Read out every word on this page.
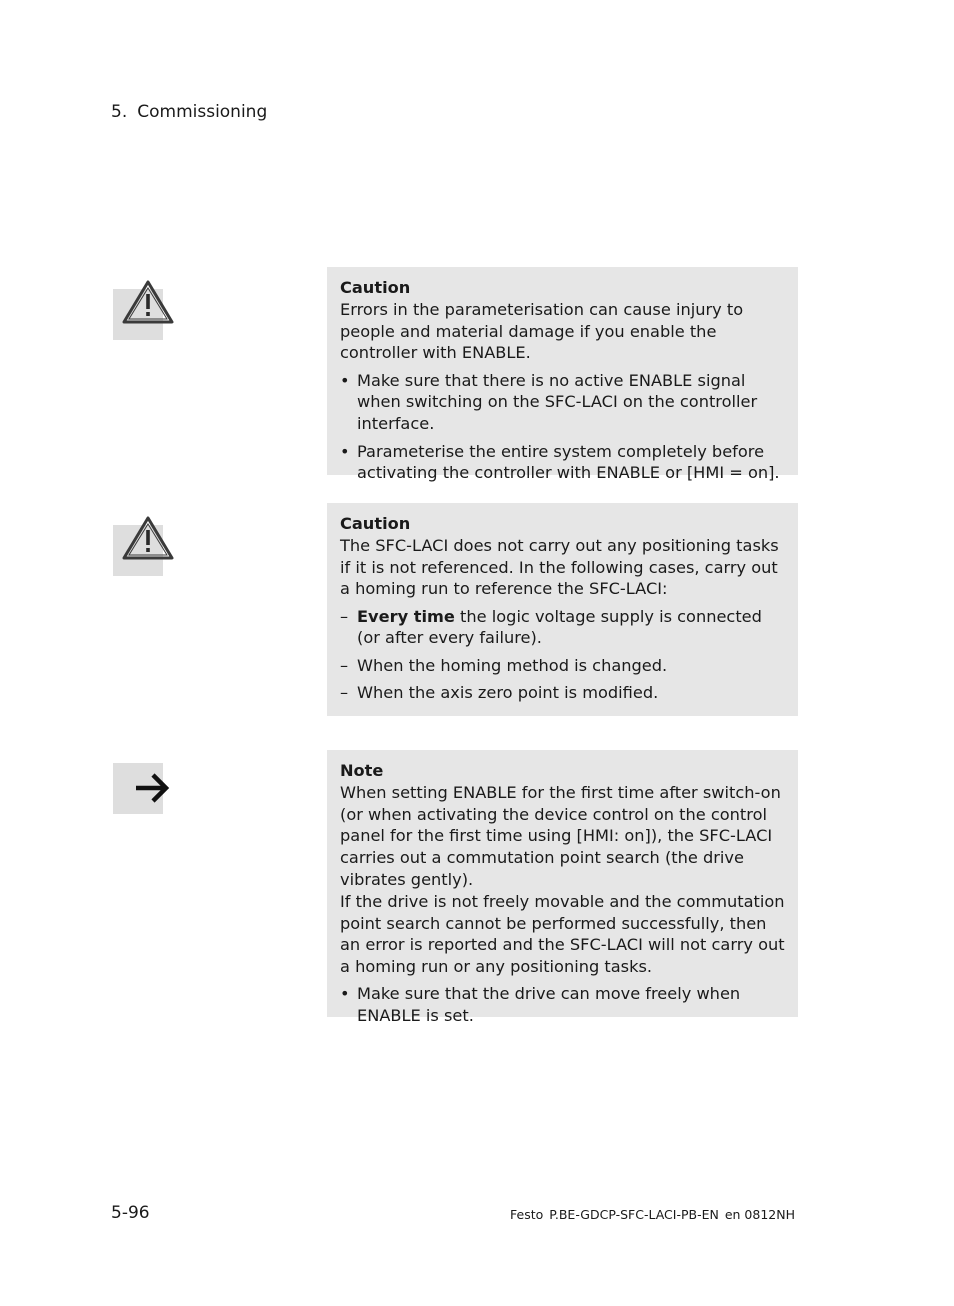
5. Commissioning
Caution

Errors in the parameterisation can cause injury to people and material damage if you enable the controller with ENABLE.

• Make sure that there is no active ENABLE signal when switching on the SFC-LACI on the controller interface.
• Parameterise the entire system completely before activating the controller with ENABLE or [HMI = on].
Caution

The SFC-LACI does not carry out any positioning tasks if it is not referenced. In the following cases, carry out a homing run to reference the SFC-LACI:

– Every time the logic voltage supply is connected (or after every failure).
– When the homing method is changed.
– When the axis zero point is modified.
Note

When setting ENABLE for the first time after switch-on (or when activating the device control on the control panel for the first time using [HMI: on]), the SFC-LACI carries out a commutation point search (the drive vibrates gently).

If the drive is not freely movable and the commutation point search cannot be performed successfully, then an error is reported and the SFC-LACI will not carry out a homing run or any positioning tasks.

• Make sure that the drive can move freely when ENABLE is set.
5-96	Festo P.BE-GDCP-SFC-LACI-PB-EN en 0812NH
